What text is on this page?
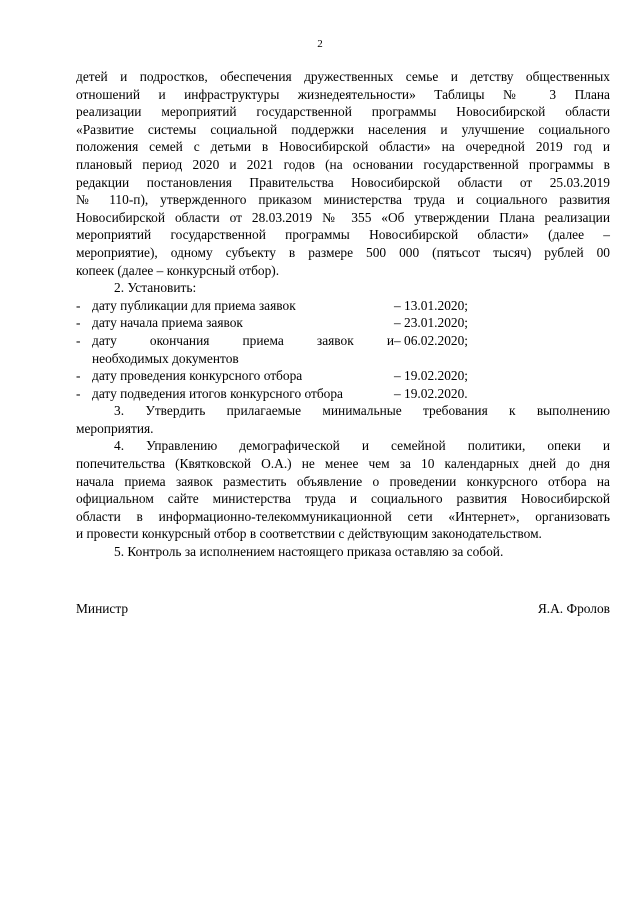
2

детей и подростков, обеспечения дружественных семье и детству общественных

отношений и инфраструктуры жизнедеятельности» Таблицы № 3 Плана

реализации мероприятий государственной программы Новосибирской области

«Развитие системы социальной поддержки населения и улучшение социального

положения семей с детьми в Новосибирской области» на очередной 2019 год и

плановый период 2020 и 2021 годов (на основании государственной программы в

редакции постановления Правительства Новосибирской области от 25.03.2019

№ 110-п), утвержденного приказом министерства труда и социального развития

Новосибирской области от 28.03.2019 № 355 «Об утверждении Плана реализации

мероприятий государственной программы Новосибирской области» (далее –

мероприятие), одному субъекту в размере 500 000 (пятьсот тысяч) рублей 00

копеек (далее – конкурсный отбор).

2. Установить:

- дату публикации для приема заявок	– 13.01.2020;
- дату начала приема заявок	– 23.01.2020;
- дату окончания приема заявок и – 06.02.2020;
необходимых документов
- дату проведения конкурсного отбора	– 19.02.2020;
- дату подведения итогов конкурсного отбора	– 19.02.2020.

3. Утвердить прилагаемые минимальные требования к выполнению

мероприятия.

4. Управлению демографической и семейной политики, опеки и

попечительства (Квятковской О.А.) не менее чем за 10 календарных дней до дня

начала приема заявок разместить объявление о проведении конкурсного отбора на

официальном сайте министерства труда и социального развития Новосибирской

области в информационно-телекоммуникационной сети «Интернет», организовать

и провести конкурсный отбор в соответствии с действующим законодательством.

5. Контроль за исполнением настоящего приказа оставляю за собой.

Министр	Я.А. Фролов
